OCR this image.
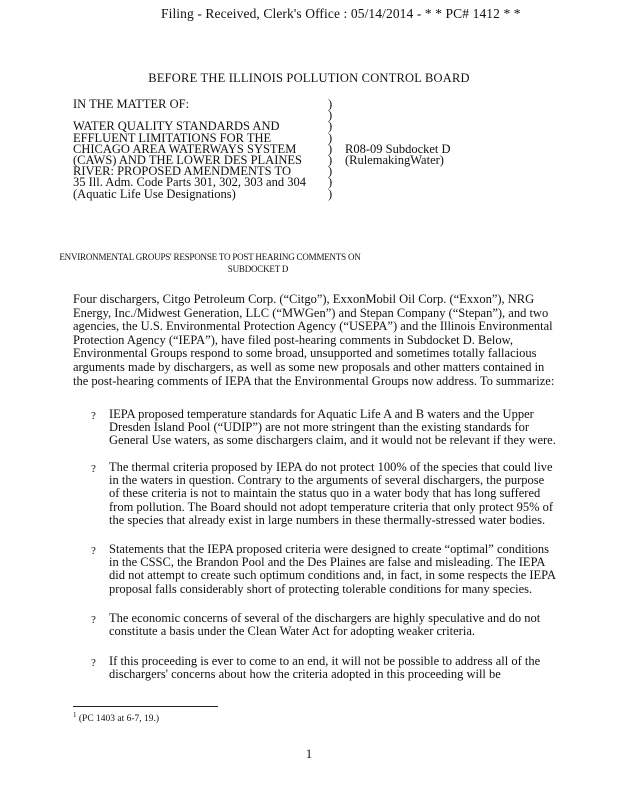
Filing - Received, Clerk's Office : 05/14/2014 - * * PC# 1412 * *
BEFORE THE ILLINOIS POLLUTION CONTROL BOARD
IN THE MATTER OF:	)
)
WATER QUALITY STANDARDS AND	)
EFFLUENT LIMITATIONS FOR THE	)
CHICAGO AREA WATERWAYS SYSTEM	) R08-09 Subdocket D
(CAWS) AND THE LOWER DES PLAINES ) (RulemakingWater)
RIVER: PROPOSED AMENDMENTS TO	)
35 Ill. Adm. Code Parts 301, 302, 303 and 304 )
(Aquatic Life Use Designations)	)
ENVIRONMENTAL GROUPS' RESPONSE TO POST HEARING COMMENTS ON
SUBDOCKET D
Four dischargers, Citgo Petroleum Corp. (“Citgo”), ExxonMobil Oil Corp. (“Exxon”), NRG
Energy, Inc./Midwest Generation, LLC (“MWGen”) and Stepan Company (“Stepan”), and two
agencies, the U.S. Environmental Protection Agency (“USEPA”) and the Illinois Environmental
Protection Agency (“IEPA”), have filed post-hearing comments in Subdocket D. Below,
Environmental Groups respond to some broad, unsupported and sometimes totally fallacious
arguments made by dischargers, as well as some new proposals and other matters contained in
the post-hearing comments of IEPA that the Environmental Groups now address. To summarize:
? IEPA proposed temperature standards for Aquatic Life A and B waters and the Upper
Dresden Island Pool (“UDIP”) are not more stringent than the existing standards for
General Use waters, as some dischargers claim, and it would not be relevant if they were.
? The thermal criteria proposed by IEPA do not protect 100% of the species that could live
in the waters in question. Contrary to the arguments of several dischargers, the purpose
of these criteria is not to maintain the status quo in a water body that has long suffered
from pollution. The Board should not adopt temperature criteria that only protect 95% of
the species that already exist in large numbers in these thermally-stressed water bodies.
? Statements that the IEPA proposed criteria were designed to create “optimal” conditions
in the CSSC, the Brandon Pool and the Des Plaines are false and misleading. The IEPA
did not attempt to create such optimum conditions and, in fact, in some respects the IEPA
proposal falls considerably short of protecting tolerable conditions for many species.
? The economic concerns of several of the dischargers are highly speculative and do not
constitute a basis under the Clean Water Act for adopting weaker criteria.
? If this proceeding is ever to come to an end, it will not be possible to address all of the
dischargers' concerns about how the criteria adopted in this proceeding will be
$^1$ (PC 1403 at 6-7, 19.)
1
